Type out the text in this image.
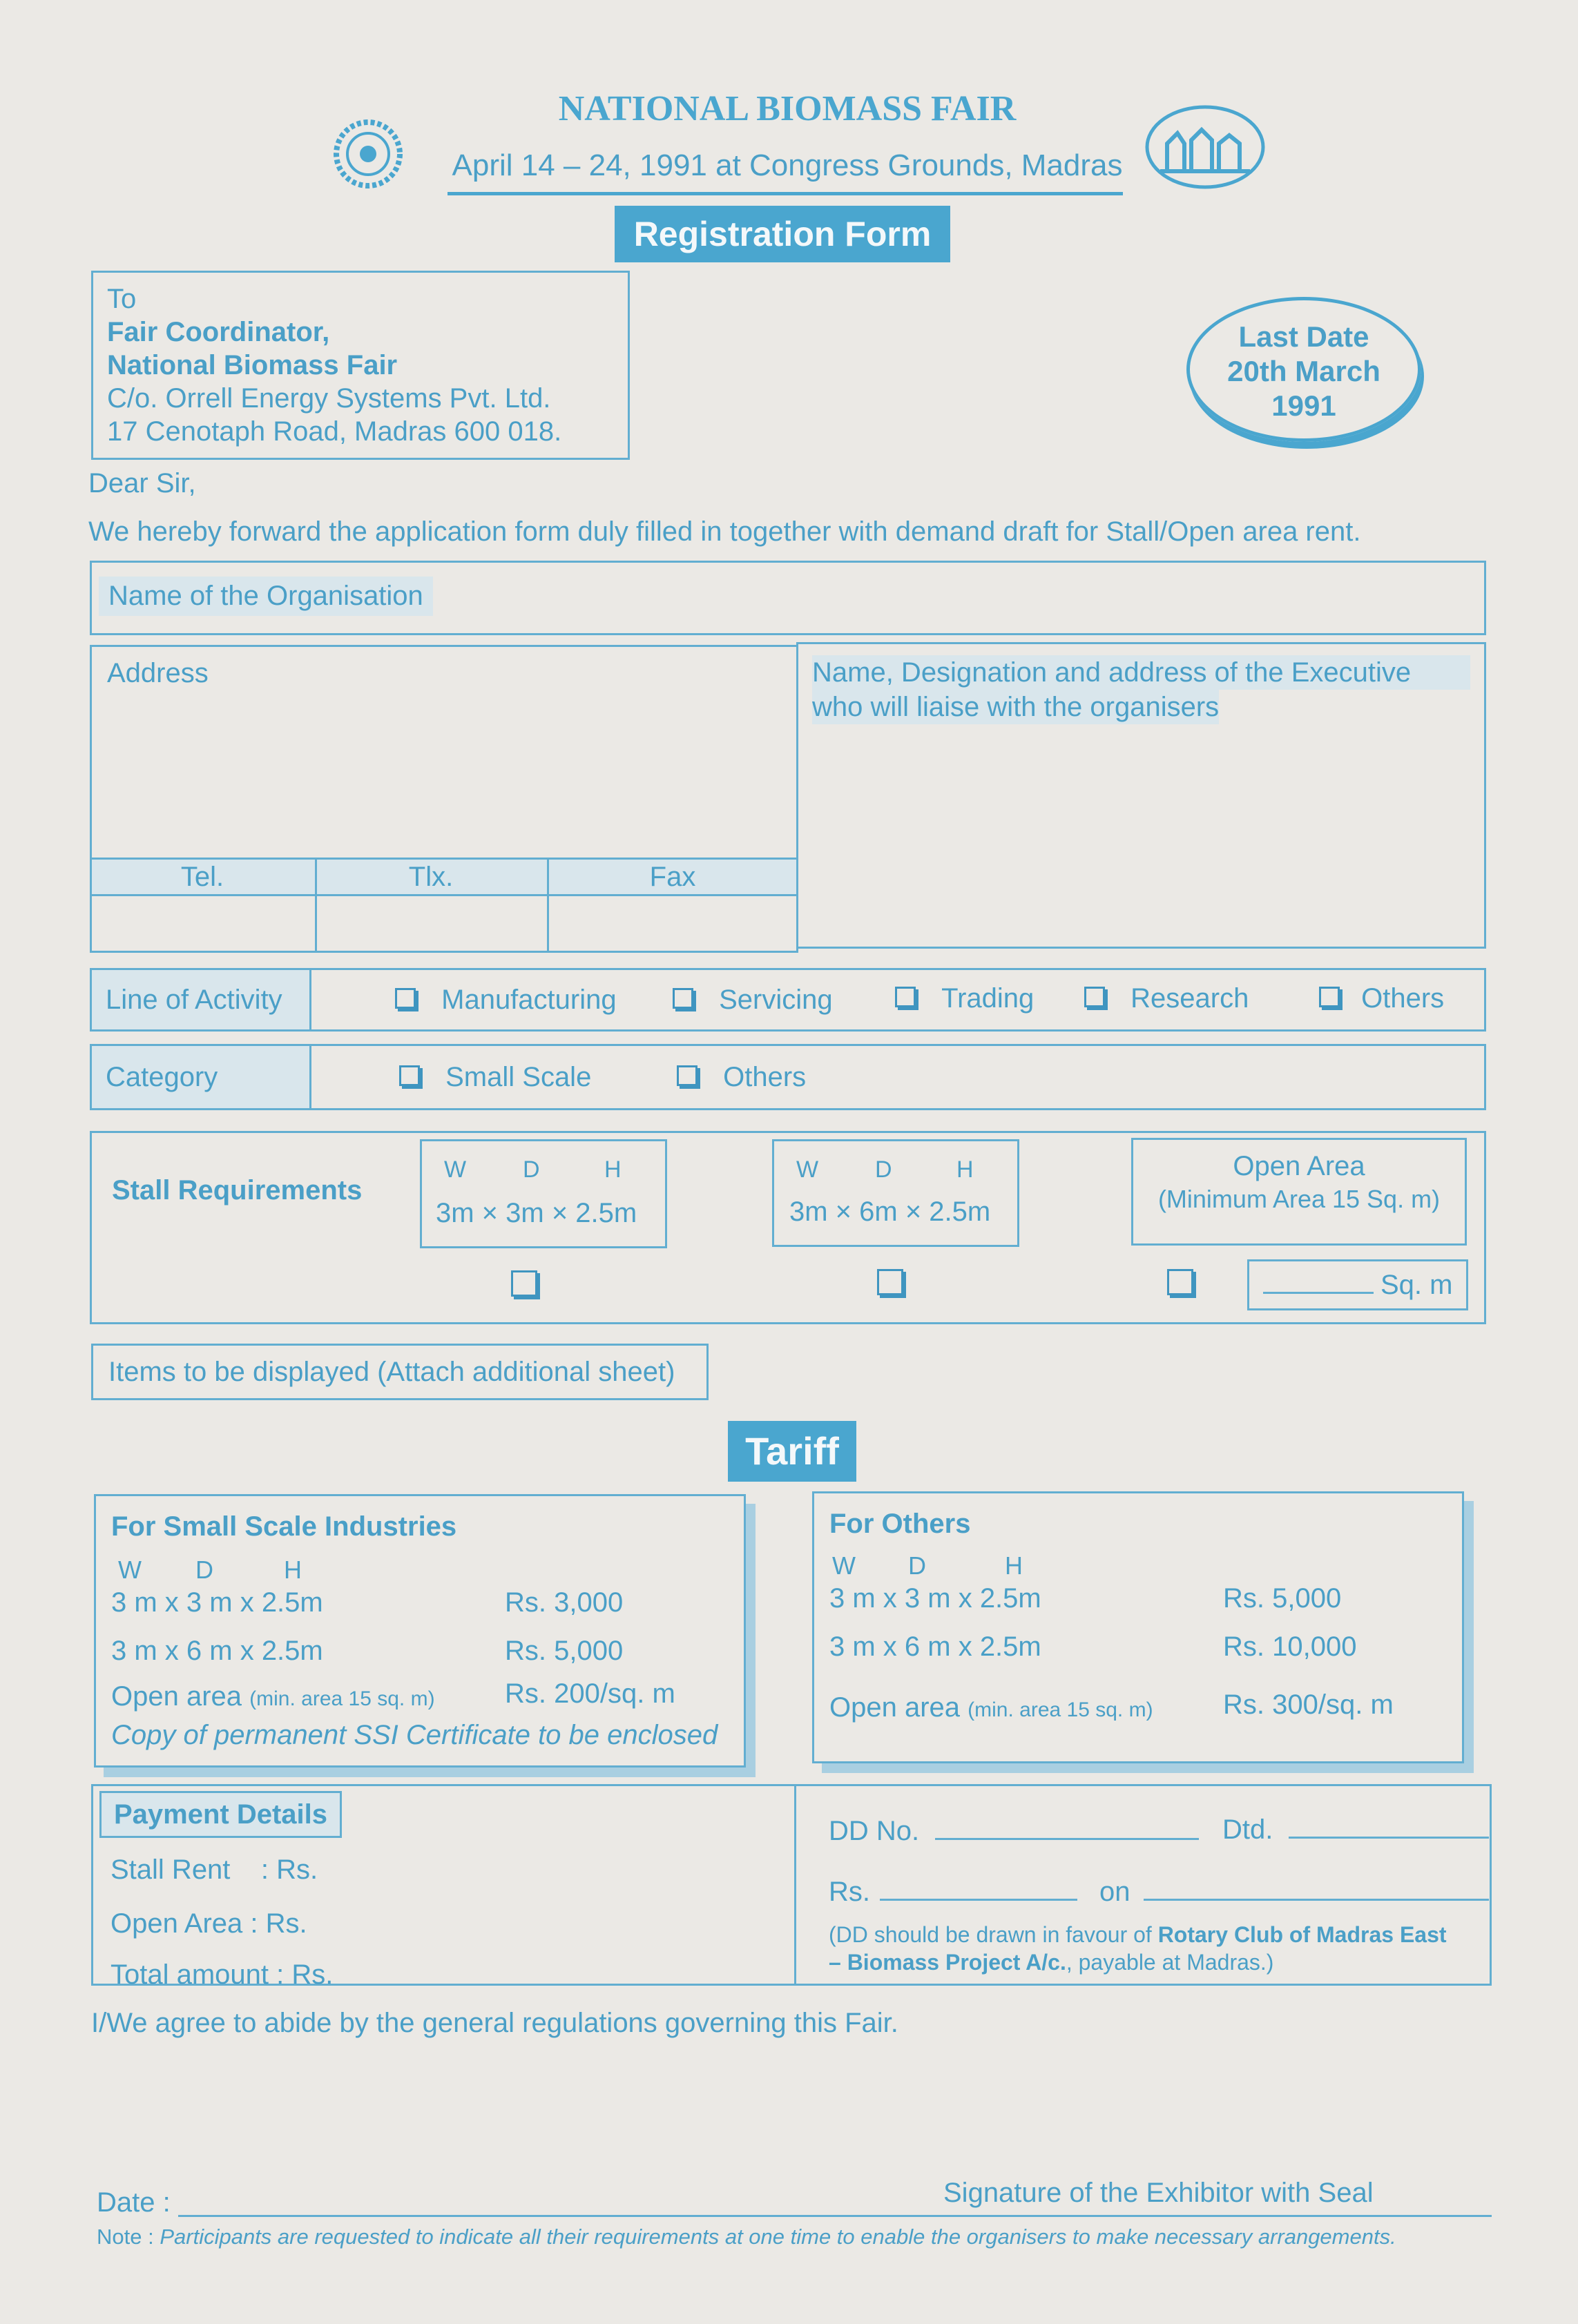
NATIONAL BIOMASS FAIR
April 14 – 24, 1991 at Congress Grounds, Madras
Registration Form
To
Fair Coordinator,
National Biomass Fair
C/o. Orrell Energy Systems Pvt. Ltd.
17 Cenotaph Road, Madras 600 018.
Last Date
20th March
1991
Dear Sir,
We hereby forward the application form duly filled in together with demand draft for Stall/Open area rent.
Name of the Organisation
Address
Tel.	Tlx.	Fax
Name, Designation and address of the Executive
who will liaise with the organisers
Line of Activity	Manufacturing	Servicing	Trading	Research	Others
Category	Small Scale	Others
Stall Requirements
W D	H
3m × 3m × 2.5m
W D	H
3m × 6m × 2.5m
Open Area
(Minimum Area 15 Sq. m)
Sq. m
Items to be displayed (Attach additional sheet)
Tariff
For Small Scale Industries
W D	H
3 m x 3 m x 2.5m	Rs. 3,000
3 m x 6 m x 2.5m	Rs. 5,000
Open area (min. area 15 sq. m)	Rs. 200/sq. m
Copy of permanent SSI Certificate to be enclosed
For Others
W D	H
3 m x 3 m x 2.5m	Rs. 5,000
3 m x 6 m x 2.5m	Rs. 10,000
Open area (min. area 15 sq. m)	Rs. 300/sq. m
Payment Details
Stall Rent    : Rs.
Open Area : Rs.
Total amount : Rs.
DD No.	Dtd.
Rs.	on
(DD should be drawn in favour of Rotary Club of Madras East
– Biomass Project A/c., payable at Madras.)
I/We agree to abide by the general regulations governing this Fair.
Date :	Signature of the Exhibitor with Seal
Note : Participants are requested to indicate all their requirements at one time to enable the organisers to make necessary arrangements.
